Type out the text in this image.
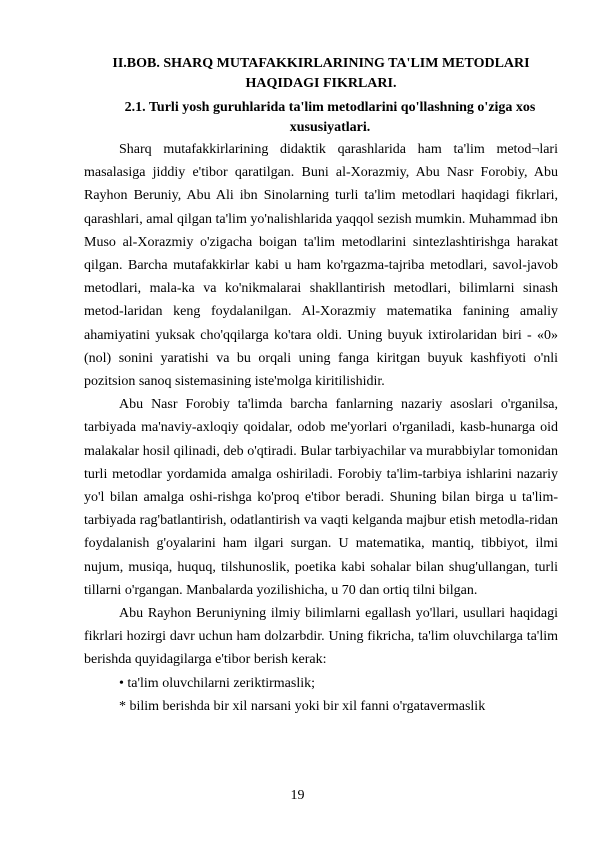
II.BOB. SHARQ MUTAFAKKIRLARINING TA'LIM METODLARI HAQIDAGI FIKRLARI.
2.1. Turli yosh guruhlarida ta'lim metodlarini qo'llashning o'ziga xos xususiyatlari.

Sharq mutafakkirlarining didaktik qarashlarida ham ta'lim metod¬lari masalasiga jiddiy e'tibor qaratilgan. Buni al-Xorazmiy, Abu Nasr Forobiy, Abu Rayhon Beruniy, Abu Ali ibn Sinolarning turli ta'lim metodlari haqidagi fikrlari, qarashlari, amal qilgan ta'lim yo'nalishlarida yaqqol sezish mumkin. Muhammad ibn Muso al-Xorazmiy o'zigacha boigan ta'lim metodlarini sintezlashtirishga harakat qilgan. Barcha mutafakkirlar kabi u ham ko'rgazma-tajriba metodlari, savol-javob metodlari, mala-ka va ko'nikmalarai shakllantirish metodlari, bilimlarni sinash metod-laridan keng foydalanilgan. Al-Xorazmiy matematika fanining amaliy ahamiyatini yuksak cho'qqilarga ko'tara oldi. Uning buyuk ixtirolaridan biri - «0» (nol) sonini yaratishi va bu orqali uning fanga kiritgan buyuk kashfiyoti o'nli pozitsion sanoq sistemasining iste'molga kiritilishidir.

Abu Nasr Forobiy ta'limda barcha fanlarning nazariy asoslari o'rganilsa, tarbiyada ma'naviy-axloqiy qoidalar, odob me'yorlari o'rganiladi, kasb-hunarga oid malakalar hosil qilinadi, deb o'qtiradi. Bular tarbiyachilar va murabbiylar tomonidan turli metodlar yordamida amalga oshiriladi. Forobiy ta'lim-tarbiya ishlarini nazariy yo'l bilan amalga oshi-rishga ko'proq e'tibor beradi. Shuning bilan birga u ta'lim-tarbiyada rag'batlantirish, odatlantirish va vaqti kelganda majbur etish metodla-ridan foydalanish g'oyalarini ham ilgari surgan. U matematika, mantiq, tibbiyot, ilmi nujum, musiqa, huquq, tilshunoslik, poetika kabi sohalar bilan shug'ullangan, turli tillarni o'rgangan. Manbalarda yozilishicha, u 70 dan ortiq tilni bilgan.

Abu Rayhon Beruniyning ilmiy bilimlarni egallash yo'llari, usullari haqidagi fikrlari hozirgi davr uchun ham dolzarbdir. Uning fikricha, ta'lim oluvchilarga ta'lim berishda quyidagilarga e'tibor berish kerak:

• ta'lim oluvchilarni zeriktirmaslik;

* bilim berishda bir xil narsani yoki bir xil fanni o'rgatavermaslik

19
